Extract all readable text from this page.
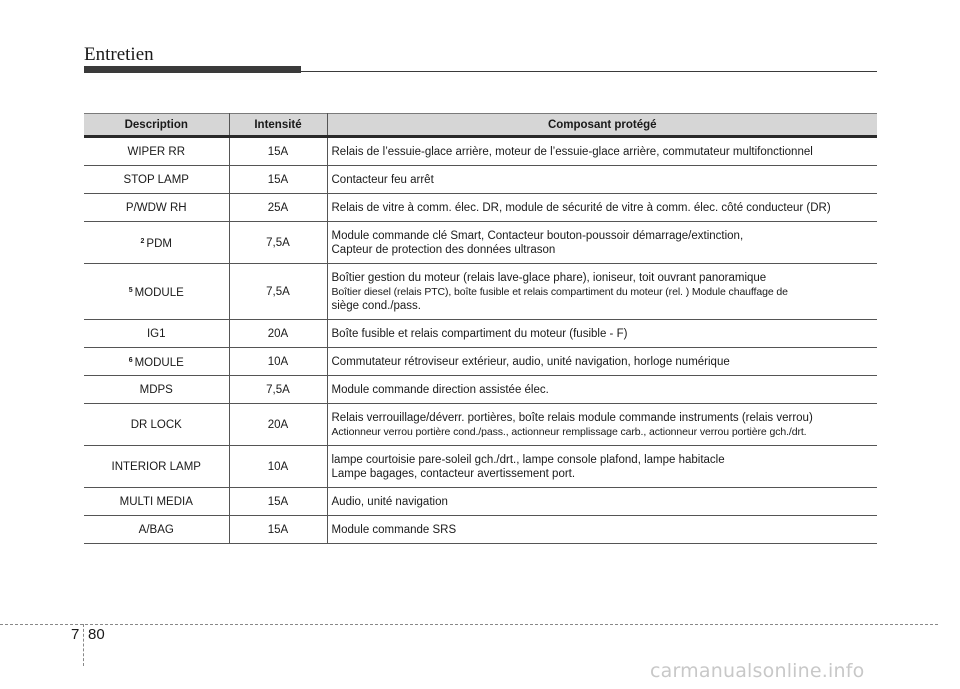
Entretien
Description	Intensité	Composant protégé
WIPER RR	15A	Relais de l’essuie-glace arrière, moteur de l’essuie-glace arrière, commutateur multifonctionnel

STOP LAMP	15A	Contacteur feu arrêt

P/WDW RH	25A	Relais de vitre à comm. élec. DR, module de sécurité de vitre à comm. élec. côté conducteur (DR)

$^2$ PDM	7,5A	Module commande clé Smart, Contacteur bouton-poussoir démarrage/extinction,
Capteur de protection des données ultrason

$^5$ MODULE	7,5A	Boîtier gestion du moteur (relais lave-glace phare), ioniseur, toit ouvrant panoramique
Boîtier diesel (relais PTC), boîte fusible et relais compartiment du moteur (rel. ) Module chauffage de
siège cond./pass.

IG1	20A	Boîte fusible et relais compartiment du moteur (fusible - F)

$^6$ MODULE	10A	Commutateur rétroviseur extérieur, audio, unité navigation, horloge numérique

MDPS	7,5A	Module commande direction assistée élec.

DR LOCK	20A	Relais verrouillage/déverr. portières, boîte relais module commande instruments (relais verrou)
Actionneur verrou portière cond./pass., actionneur remplissage carb., actionneur verrou portière gch./drt.

INTERIOR LAMP	10A	lampe courtoisie pare-soleil gch./drt., lampe console plafond, lampe habitacle
Lampe bagages, contacteur avertissement port.

MULTI MEDIA	15A	Audio, unité navigation

A/BAG	15A	Module commande SRS
7 80
carmanualsonline.info
